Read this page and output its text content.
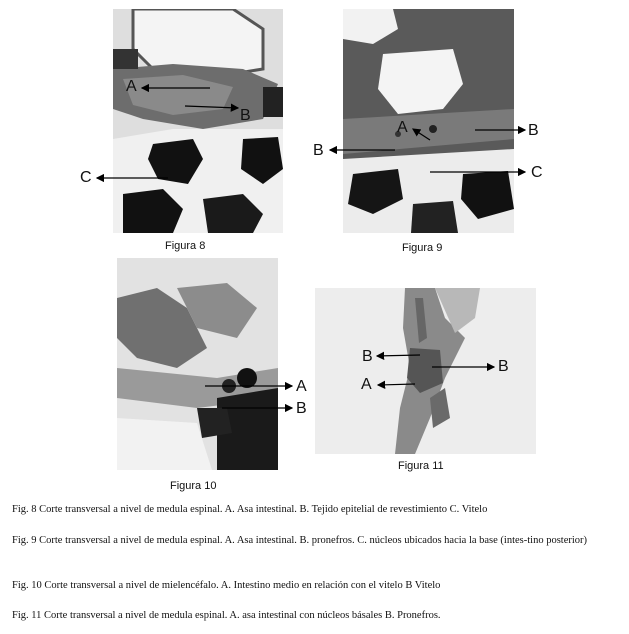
Figura 8
A
B
C
Figura 9
A	B
B
C
Figura 10
A
B
Figura 11
B
B
A
Fig. 8 Corte transversal a nivel de medula espinal. A. Asa intestinal. B. Tejido epitelial de revestimiento C. Vitelo
Fig. 9 Corte transversal a nivel de medula espinal. A. Asa intestinal. B. pronefros. C. núcleos ubicados hacia la base (intes-tino posterior)
Fig. 10 Corte transversal a nivel de mielencéfalo. A. Intestino medio en relación con el vitelo B Vitelo
Fig. 11 Corte transversal a nivel de medula espinal. A. asa intestinal con núcleos básales B. Pronefros.
